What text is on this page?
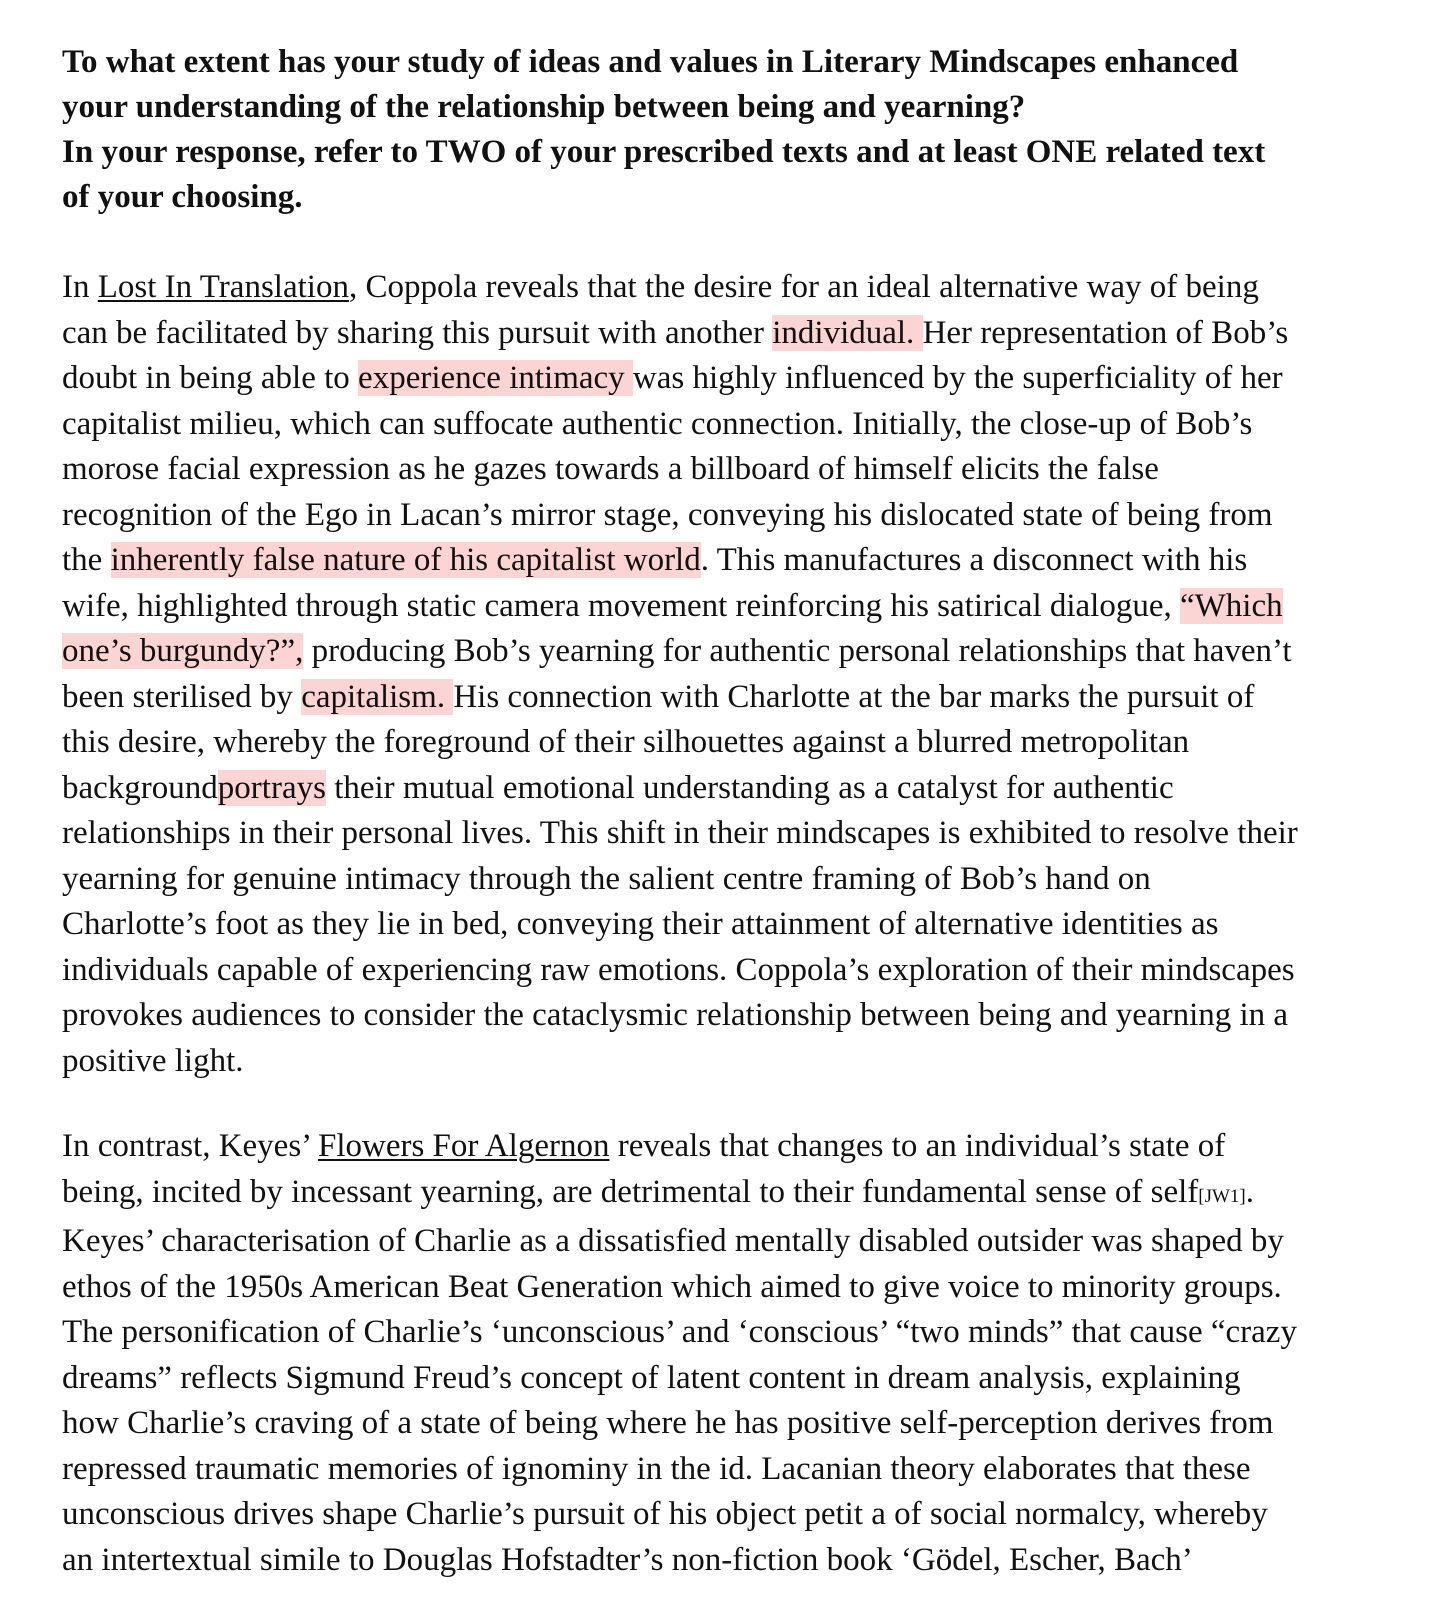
To what extent has your study of ideas and values in Literary Mindscapes enhanced
your understanding of the relationship between being and yearning?
In your response, refer to TWO of your prescribed texts and at least ONE related text
of your choosing.
In Lost In Translation, Coppola reveals that the desire for an ideal alternative way of being
can be facilitated by sharing this pursuit with another individual. Her representation of Bob’s
doubt in being able to experience intimacy was highly influenced by the superficiality of her
capitalist milieu, which can suffocate authentic connection. Initially, the close-up of Bob’s
morose facial expression as he gazes towards a billboard of himself elicits the false
recognition of the Ego in Lacan’s mirror stage, conveying his dislocated state of being from
the inherently false nature of his capitalist world. This manufactures a disconnect with his
wife, highlighted through static camera movement reinforcing his satirical dialogue, “Which
one’s burgundy?”, producing Bob’s yearning for authentic personal relationships that haven’t
been sterilised by capitalism. His connection with Charlotte at the bar marks the pursuit of
this desire, whereby the foreground of their silhouettes against a blurred metropolitan
backgroundportrays their mutual emotional understanding as a catalyst for authentic
relationships in their personal lives. This shift in their mindscapes is exhibited to resolve their
yearning for genuine intimacy through the salient centre framing of Bob’s hand on
Charlotte’s foot as they lie in bed, conveying their attainment of alternative identities as
individuals capable of experiencing raw emotions. Coppola’s exploration of their mindscapes
provokes audiences to consider the cataclysmic relationship between being and yearning in a
positive light.
In contrast, Keyes’ Flowers For Algernon reveals that changes to an individual’s state of
being, incited by incessant yearning, are detrimental to their fundamental sense of self[JW1].
Keyes’ characterisation of Charlie as a dissatisfied mentally disabled outsider was shaped by
ethos of the 1950s American Beat Generation which aimed to give voice to minority groups.
The personification of Charlie’s ‘unconscious’ and ‘conscious’ “two minds” that cause “crazy
dreams” reflects Sigmund Freud’s concept of latent content in dream analysis, explaining
how Charlie’s craving of a state of being where he has positive self-perception derives from
repressed traumatic memories of ignominy in the id. Lacanian theory elaborates that these
unconscious drives shape Charlie’s pursuit of his object petit a of social normalcy, whereby
an intertextual simile to Douglas Hofstadter’s non-fiction book ‘Gödel, Escher, Bach’
